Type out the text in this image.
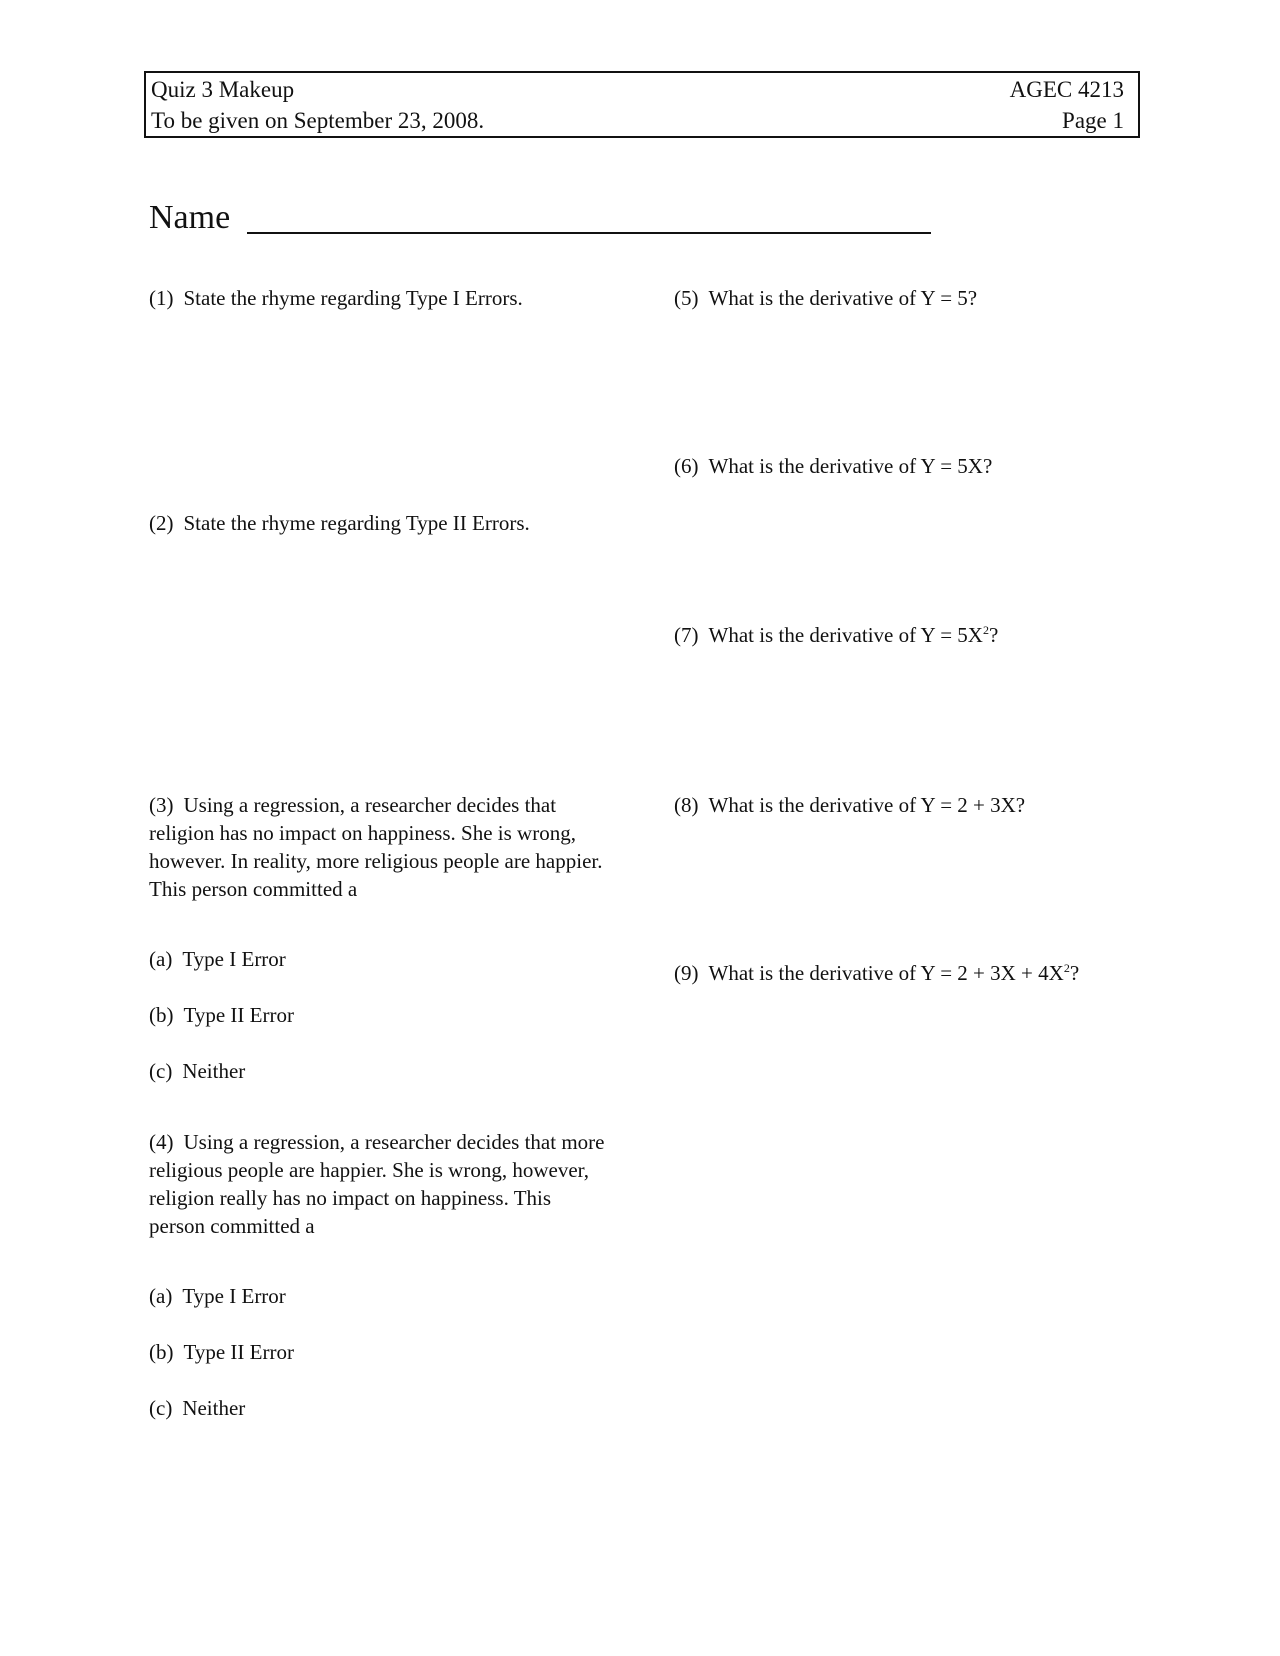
Quiz 3 Makeup
To be given on September 23, 2008.
AGEC 4213
Page 1
Name
(1) State the rhyme regarding Type I Errors.
(2) State the rhyme regarding Type II Errors.
(3) Using a regression, a researcher decides that religion has no impact on happiness. She is wrong, however. In reality, more religious people are happier. This person committed a
(a) Type I Error
(b) Type II Error
(c) Neither
(4) Using a regression, a researcher decides that more religious people are happier. She is wrong, however, religion really has no impact on happiness. This person committed a
(a) Type I Error
(b) Type II Error
(c) Neither
(5) What is the derivative of Y = 5?
(6) What is the derivative of Y = 5X?
(7) What is the derivative of $Y = 5X^2$?
(8) What is the derivative of Y = 2 + 3X?
(9) What is the derivative of $Y = 2 + 3X + 4X^2$?
